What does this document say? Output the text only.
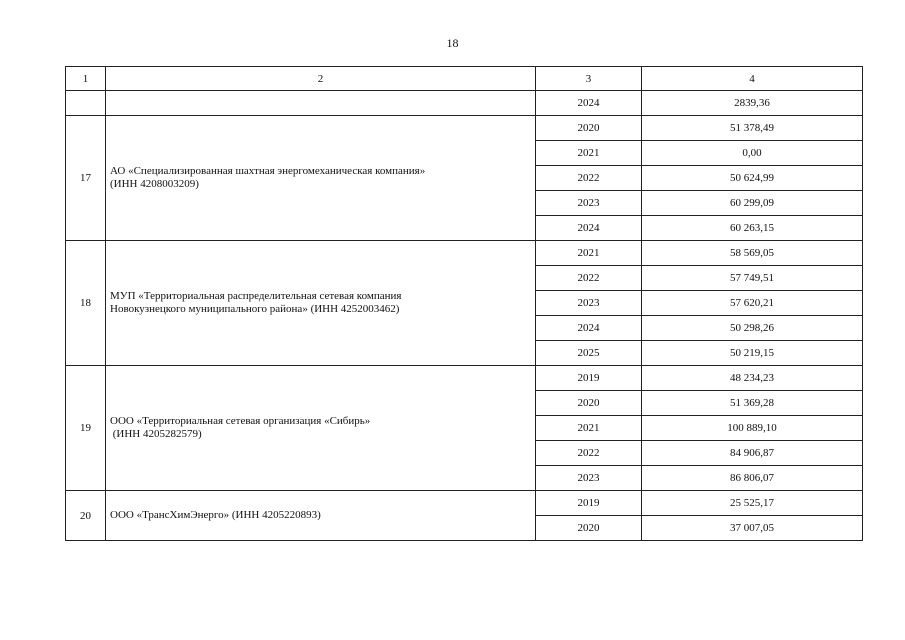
18
1	2	3	4
		2024	2839,36
17	АО «Специализированная шахтная энергомеханическая компания»
(ИНН 4208003209)	2020	51 378,49
		2021	0,00
		2022	50 624,99
		2023	60 299,09
		2024	60 263,15
18	МУП «Территориальная распределительная сетевая компания
Новокузнецкого муниципального района» (ИНН 4252003462)	2021	58 569,05
		2022	57 749,51
		2023	57 620,21
		2024	50 298,26
		2025	50 219,15
19	ООО «Территориальная сетевая организация «Сибирь»
(ИНН 4205282579)	2019	48 234,23
		2020	51 369,28
		2021	100 889,10
		2022	84 906,87
		2023	86 806,07
20	ООО «ТрансХимЭнерго» (ИНН 4205220893)	2019	25 525,17
		2020	37 007,05
